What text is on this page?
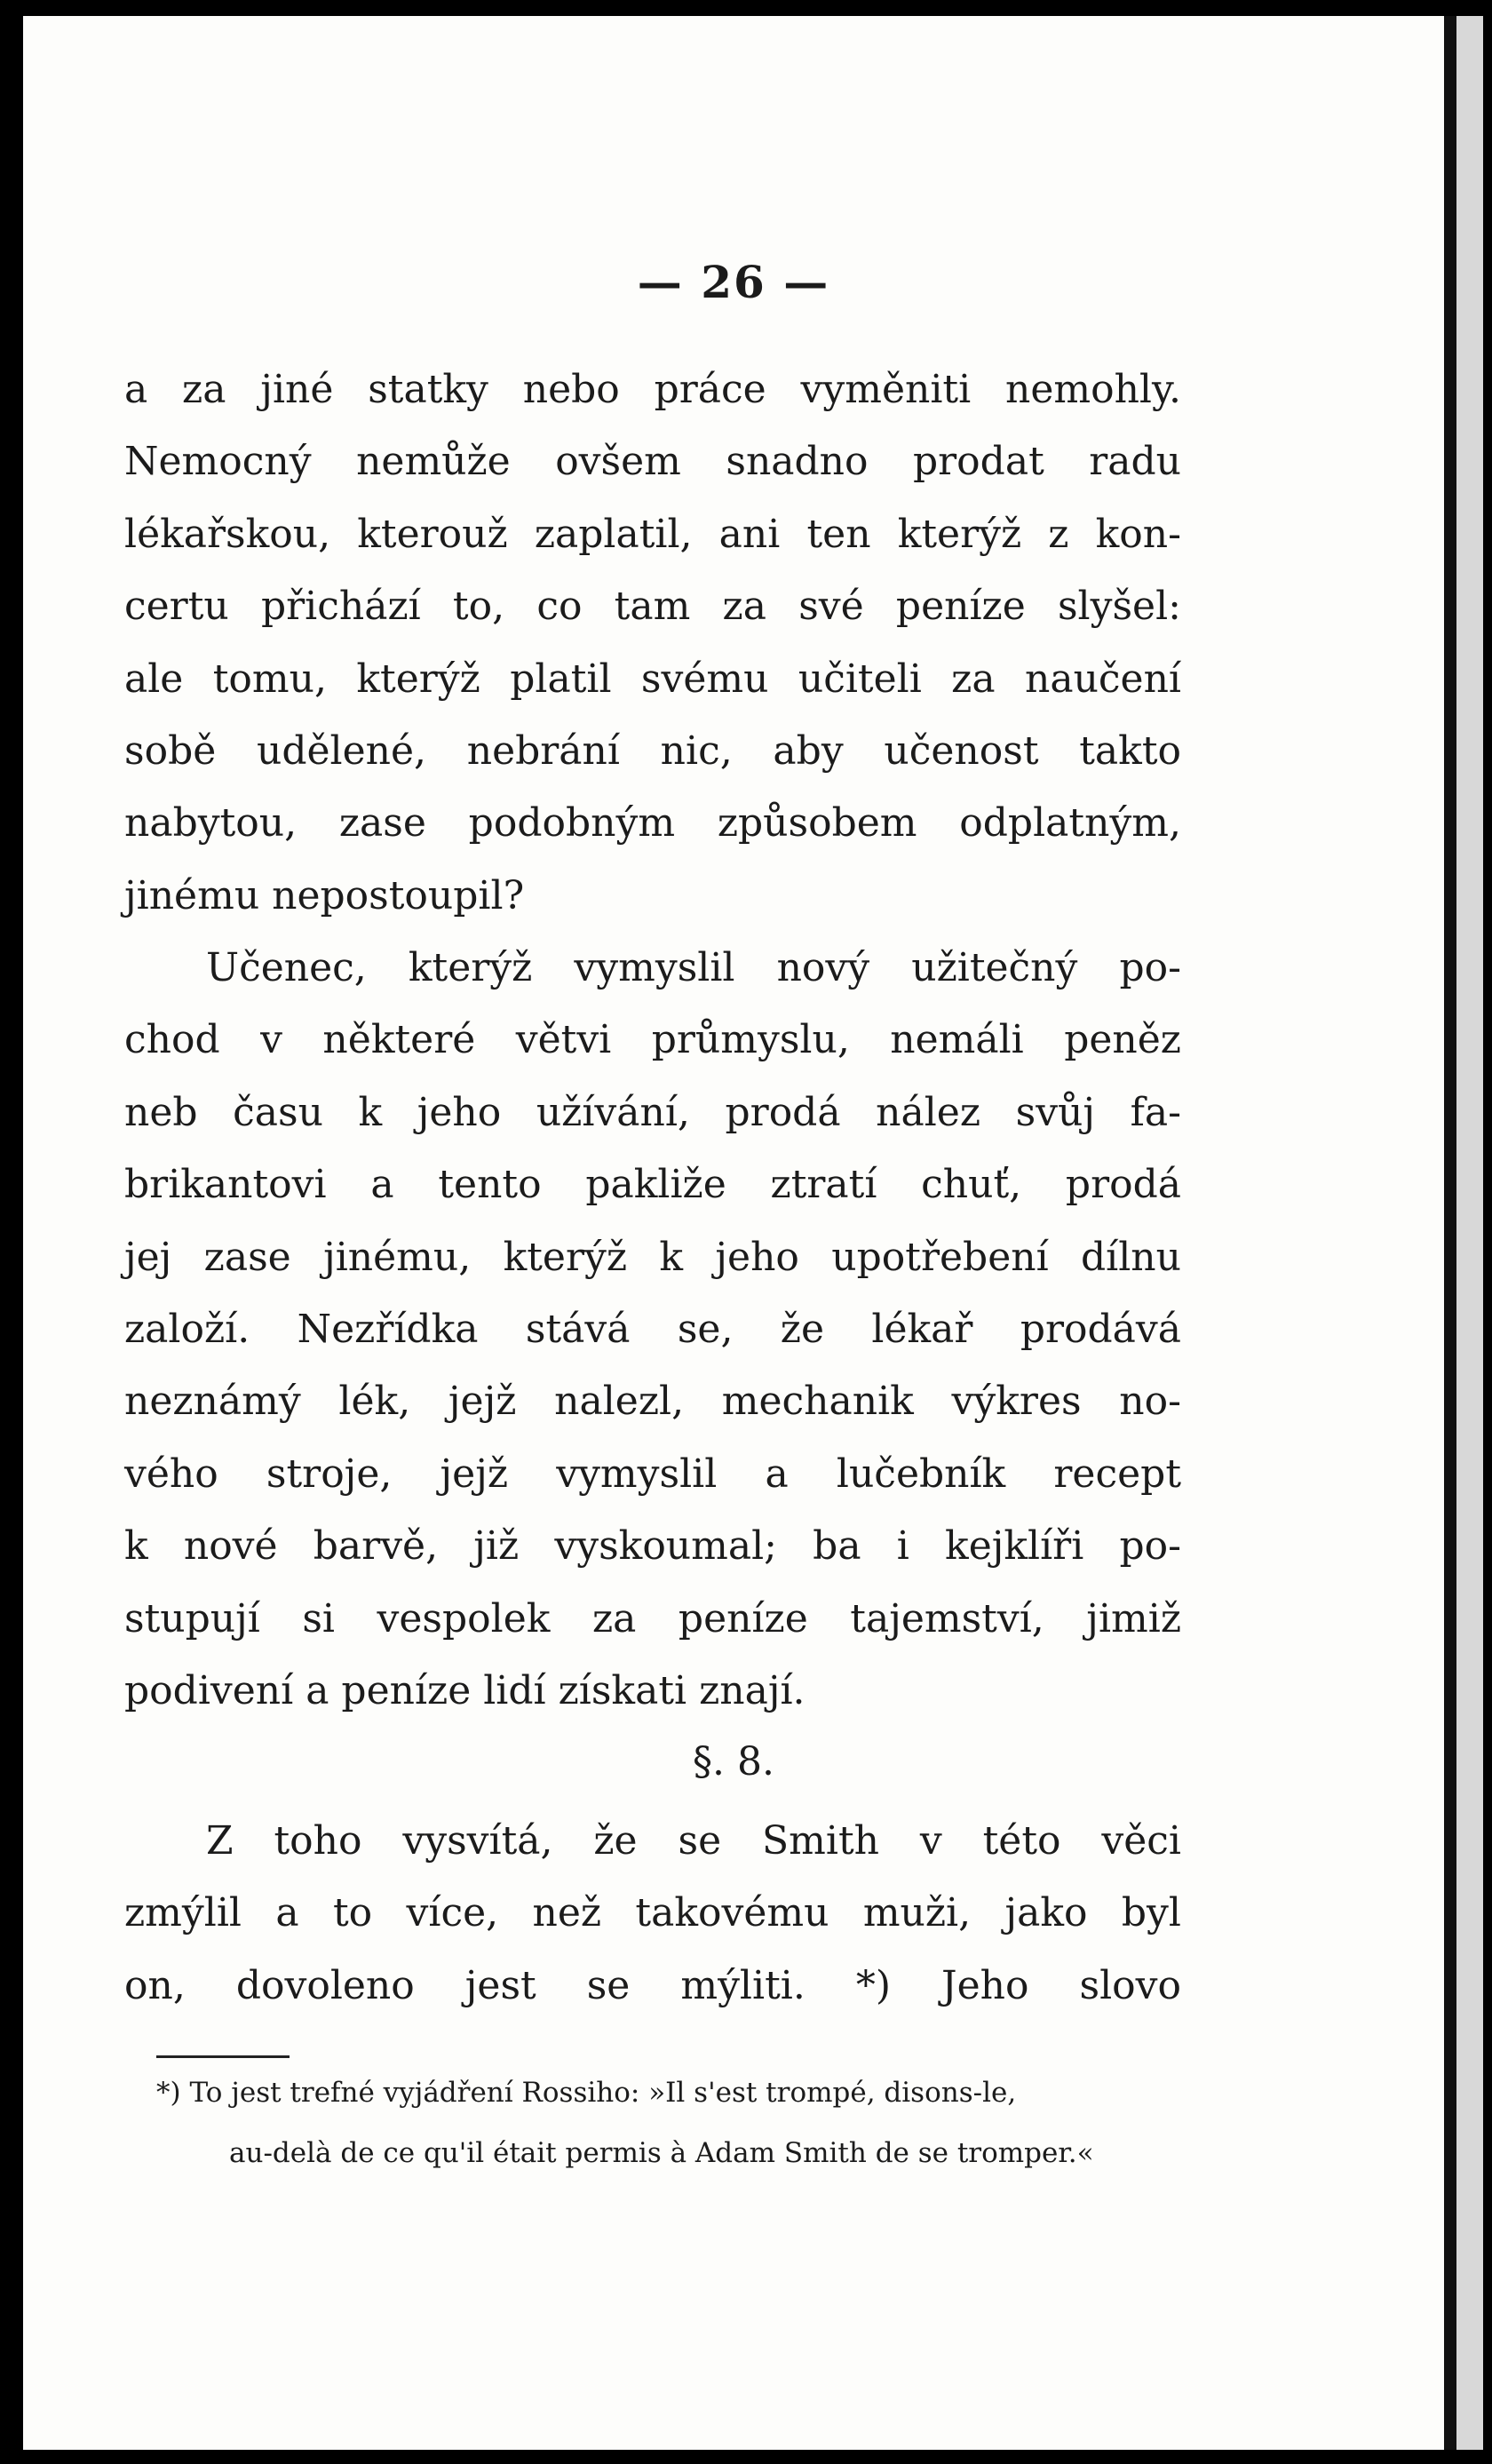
— 26 —
a za jiné statky nebo práce vyměniti nemohly.
Nemocný nemůže ovšem snadno prodat radu
lékařskou, kterouž zaplatil, ani ten kterýž z kon-
certu přichází to, co tam za své peníze slyšel:
ale tomu, kterýž platil svému učiteli za naučení
sobě udělené, nebrání nic, aby učenost takto
nabytou, zase podobným způsobem odplatným,
jinému nepostoupil?
Učenec, kterýž vymyslil nový užitečný po-
chod v některé větvi průmyslu, nemáli peněz
neb času k jeho užívání, prodá nález svůj fa-
brikantovi a tento pakliže ztratí chuť, prodá
jej zase jinému, kterýž k jeho upotřebení dílnu
založí. Nezřídka stává se, že lékař prodává
neznámý lék, jejž nalezl, mechanik výkres no-
vého stroje, jejž vymyslil a lučebník recept
k nové barvě, již vyskoumal; ba i kejklíři po-
stupují si vespolek za peníze tajemství, jimiž
podivení a peníze lidí získati znají.
§. 8.
Z toho vysvítá, že se Smith v této věci
zmýlil a to více, než takovému muži, jako byl
on, dovoleno jest se mýliti. *) Jeho slovo
*) To jest trefné vyjádření Rossiho: »Il s'est trompé, disons-le,
au-delà de ce qu'il était permis à Adam Smith de se tromper.«
